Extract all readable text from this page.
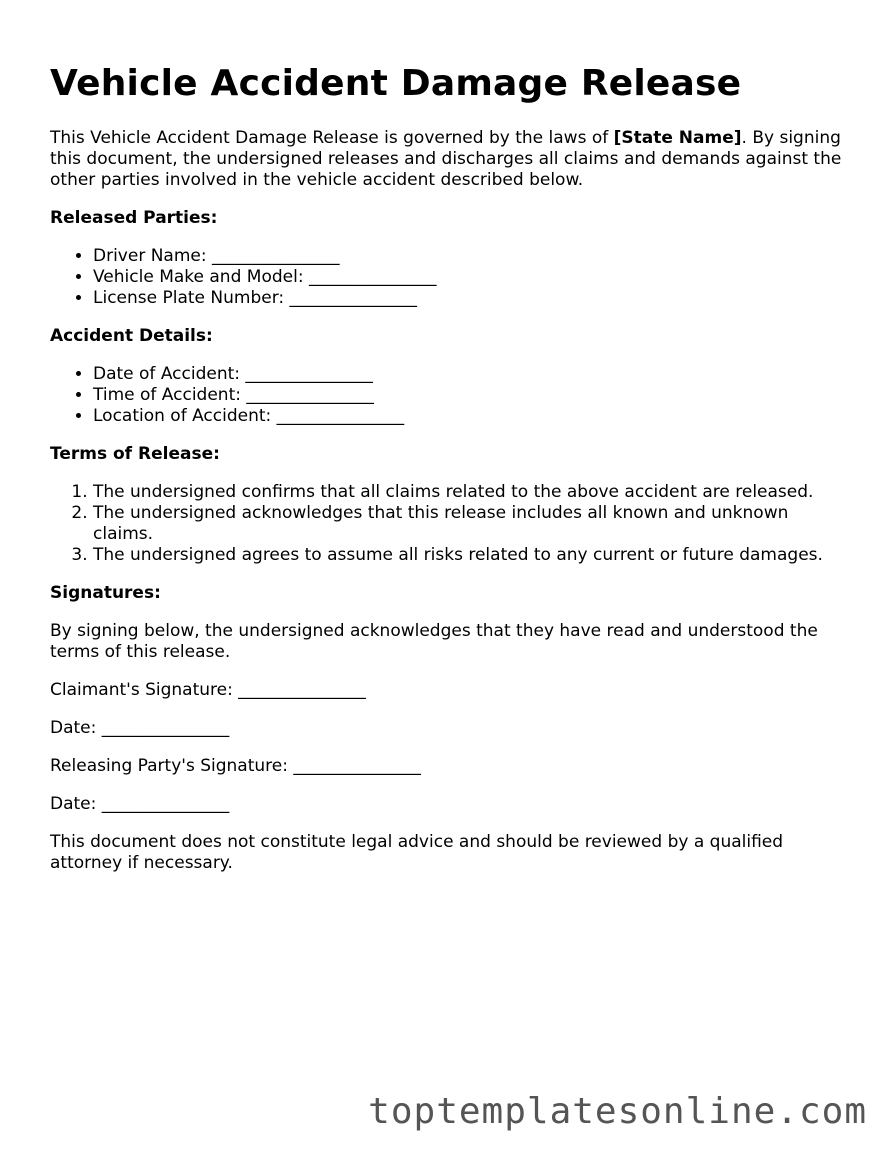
Vehicle Accident Damage Release

This Vehicle Accident Damage Release is governed by the laws of [State Name]. By signing this document, the undersigned releases and discharges all claims and demands against the other parties involved in the vehicle accident described below.

Released Parties:
• Driver Name: _______________
• Vehicle Make and Model: _______________
• License Plate Number: _______________
Accident Details:
• Date of Accident: _______________
• Time of Accident: _______________
• Location of Accident: _______________
Terms of Release:
1. The undersigned confirms that all claims related to the above accident are released.
2. The undersigned acknowledges that this release includes all known and unknown claims.
3. The undersigned agrees to assume all risks related to any current or future damages.
Signatures:

By signing below, the undersigned acknowledges that they have read and understood the terms of this release.

Claimant's Signature: _______________

Date: _______________

Releasing Party's Signature: _______________

Date: _______________

This document does not constitute legal advice and should be reviewed by a qualified attorney if necessary.

toptemplatesonline.com
